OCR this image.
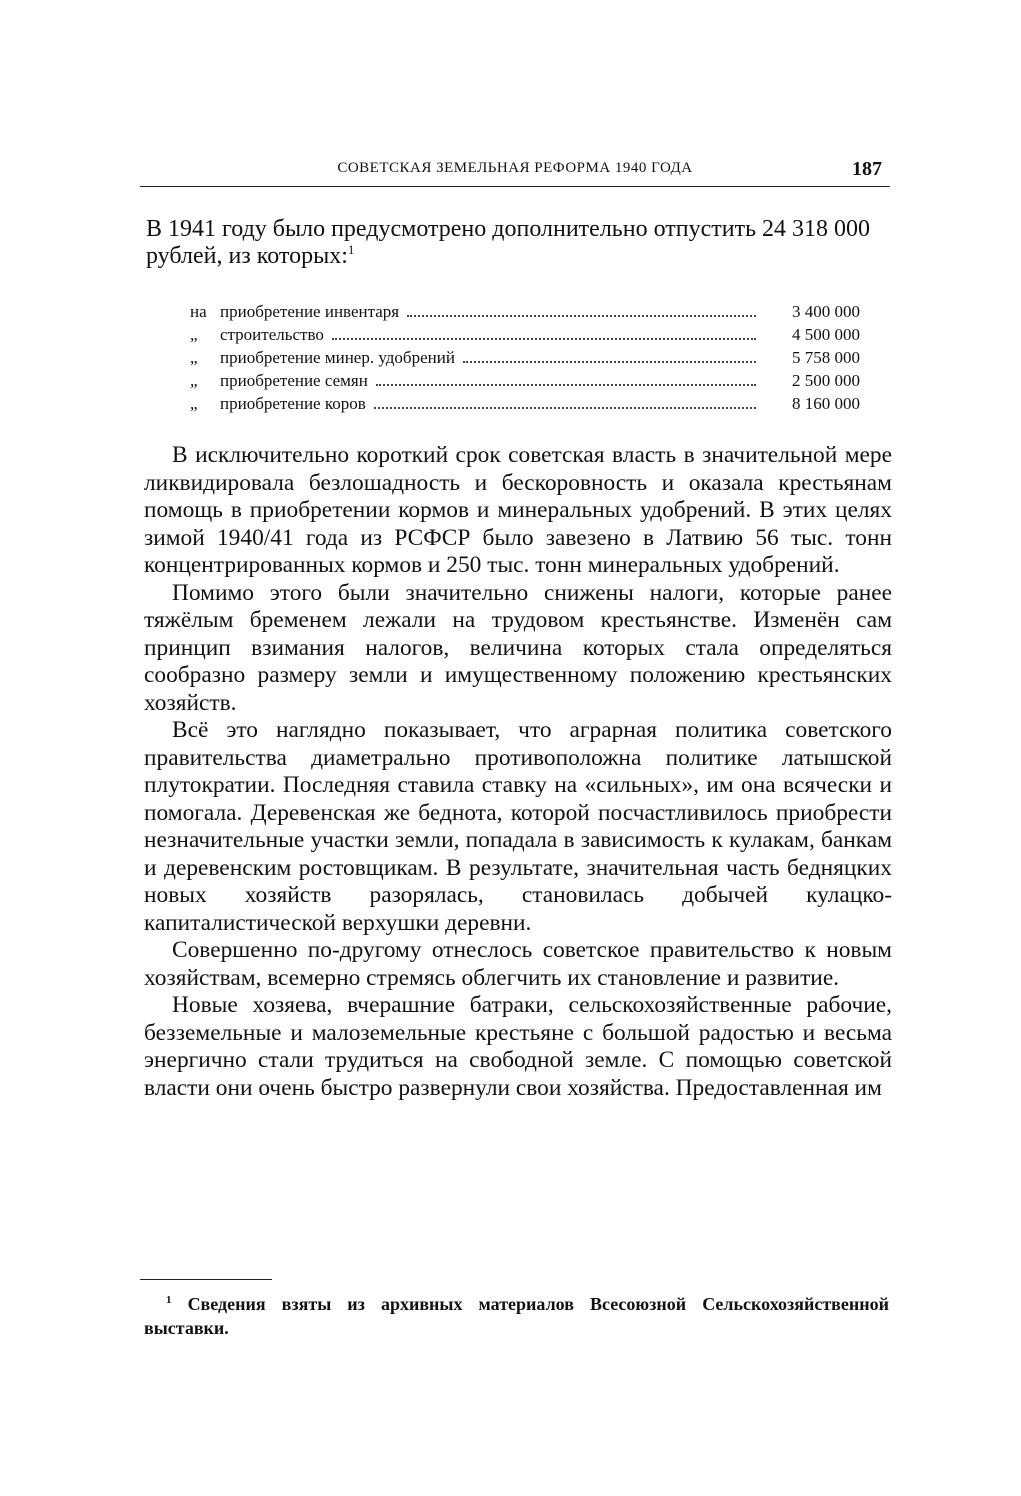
СОВЕТСКАЯ ЗЕМЕЛЬНАЯ РЕФОРМА 1940 ГОДА	187

В 1941 году было предусмотрено дополнительно отпустить 24 318 000 рублей, из которых:$^1$

на приобретение инвентаря	3 400 000
„	строительство	4 500 000
„	приобретение минер. удобрений	5 758 000
„	приобретение семян	2 500 000
„	приобретение коров	8 160 000

В исключительно короткий срок советская власть в значительной мере ликвидировала безлошадность и бескоровность и оказала крестьянам помощь в приобретении кормов и минеральных удобрений. В этих целях зимой 1940/41 года из РСФСР было завезено в Латвию 56 тыс. тонн концентрированных кормов и 250 тыс. тонн минеральных удобрений.

Помимо этого были значительно снижены налоги, которые ранее тяжёлым бременем лежали на трудовом крестьянстве. Изменён сам принцип взимания налогов, величина которых стала определяться сообразно размеру земли и имущественному положению крестьянских хозяйств.

Всё это наглядно показывает, что аграрная политика советского правительства диаметрально противоположна политике латышской плутократии. Последняя ставила ставку на «сильных», им она всячески и помогала. Деревенская же беднота, которой посчастливилось приобрести незначительные участки земли, попадала в зависимость к кулакам, банкам и деревенским ростовщикам. В результате, значительная часть бедняцких новых хозяйств разорялась, становилась добычей кулацко-капиталистической верхушки деревни.

Совершенно по-другому отнеслось советское правительство к новым хозяйствам, всемерно стремясь облегчить их становление и развитие.

Новые хозяева, вчерашние батраки, сельскохозяйственные рабочие, безземельные и малоземельные крестьяне с большой радостью и весьма энергично стали трудиться на свободной земле. С помощью советской власти они очень быстро развернули свои хозяйства. Предоставленная им

$^1$ Сведения взяты из архивных материалов Всесоюзной Сельскохозяйственной выставки.
